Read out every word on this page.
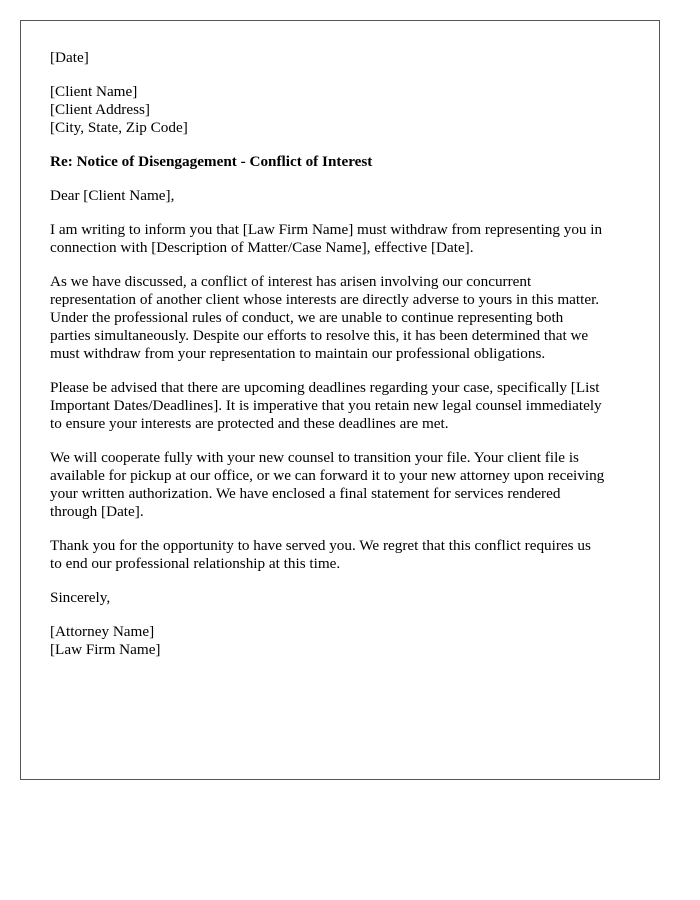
[Date]
[Client Name]
[Client Address]
[City, State, Zip Code]
Re: Notice of Disengagement - Conflict of Interest
Dear [Client Name],
I am writing to inform you that [Law Firm Name] must withdraw from representing you in
connection with [Description of Matter/Case Name], effective [Date].
As we have discussed, a conflict of interest has arisen involving our concurrent
representation of another client whose interests are directly adverse to yours in this matter.
Under the professional rules of conduct, we are unable to continue representing both
parties simultaneously. Despite our efforts to resolve this, it has been determined that we
must withdraw from your representation to maintain our professional obligations.
Please be advised that there are upcoming deadlines regarding your case, specifically [List
Important Dates/Deadlines]. It is imperative that you retain new legal counsel immediately
to ensure your interests are protected and these deadlines are met.
We will cooperate fully with your new counsel to transition your file. Your client file is
available for pickup at our office, or we can forward it to your new attorney upon receiving
your written authorization. We have enclosed a final statement for services rendered
through [Date].
Thank you for the opportunity to have served you. We regret that this conflict requires us
to end our professional relationship at this time.
Sincerely,
[Attorney Name]
[Law Firm Name]
